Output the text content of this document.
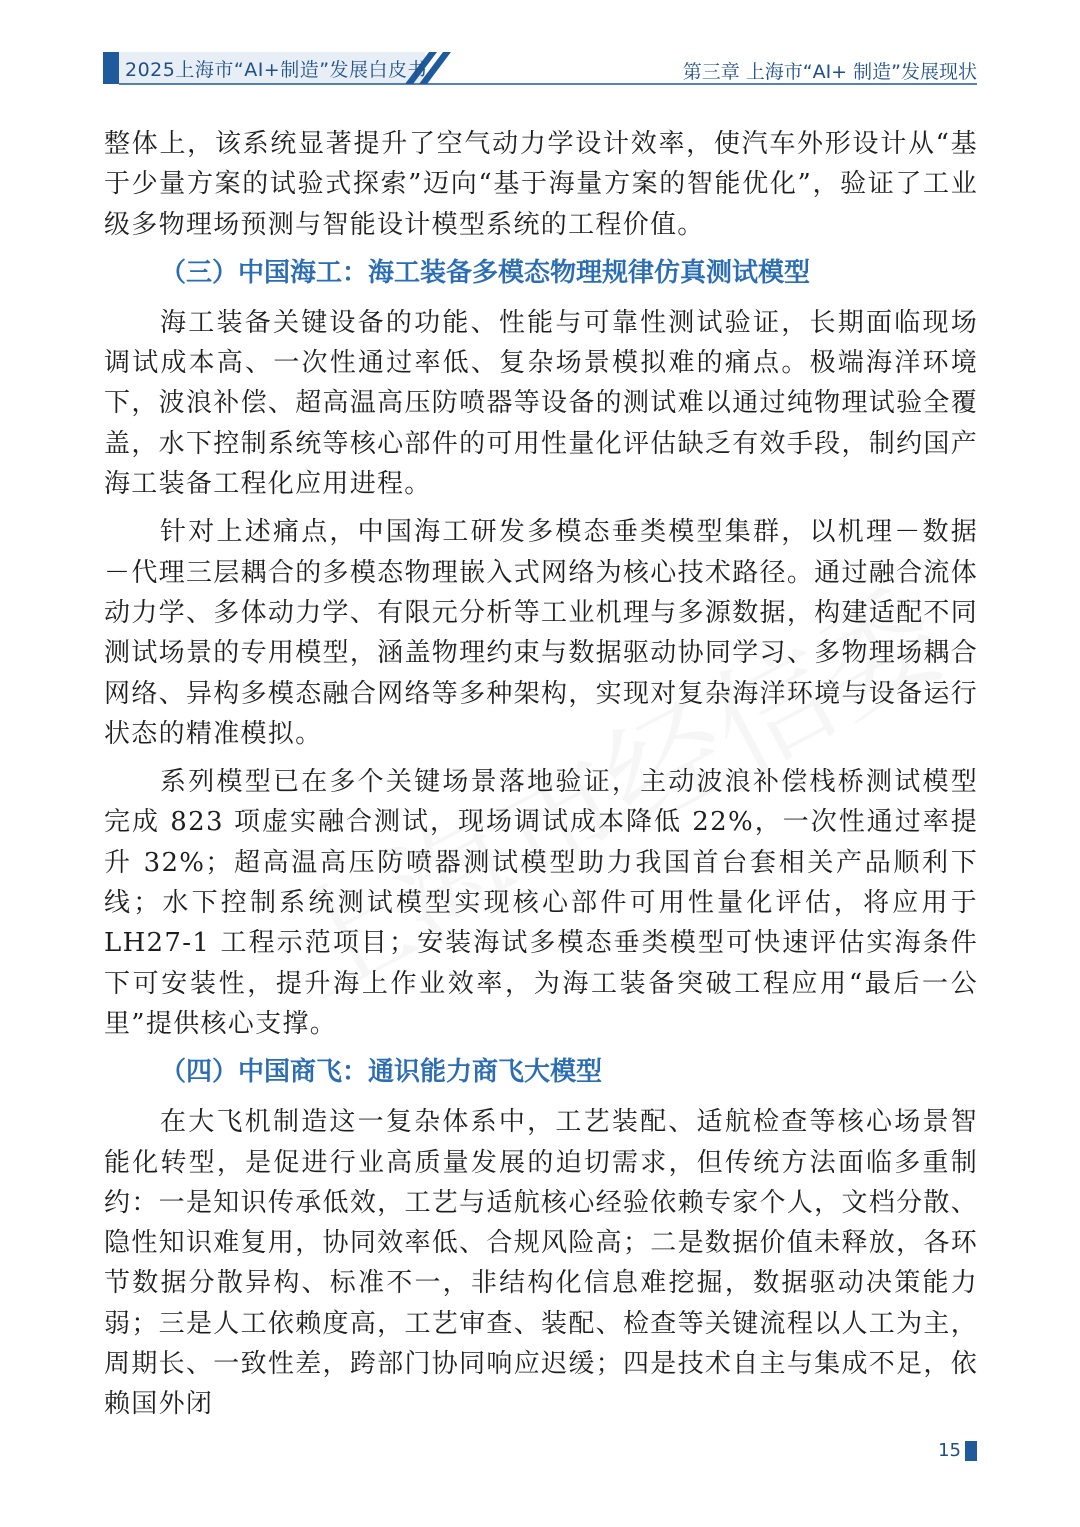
2025上海市“AI+制造”发展白皮书	第三章 上海市“AI+ 制造”发展现状

整体上，该系统显著提升了空气动力学设计效率，使汽车外形设计从“基于少量方案的试验式探索”迈向“基于海量方案的智能优化”，验证了工业级多物理场预测与智能设计模型系统的工程价值。

（三）中国海工：海工装备多模态物理规律仿真测试模型

海工装备关键设备的功能、性能与可靠性测试验证，长期面临现场调试成本高、一次性通过率低、复杂场景模拟难的痛点。极端海洋环境下，波浪补偿、超高温高压防喷器等设备的测试难以通过纯物理试验全覆盖，水下控制系统等核心部件的可用性量化评估缺乏有效手段，制约国产海工装备工程化应用进程。

针对上述痛点，中国海工研发多模态垂类模型集群，以机理－数据－代理三层耦合的多模态物理嵌入式网络为核心技术路径。通过融合流体动力学、多体动力学、有限元分析等工业机理与多源数据，构建适配不同测试场景的专用模型，涵盖物理约束与数据驱动协同学习、多物理场耦合网络、异构多模态融合网络等多种架构，实现对复杂海洋环境与设备运行状态的精准模拟。

系列模型已在多个关键场景落地验证，主动波浪补偿栈桥测试模型完成 823 项虚实融合测试，现场调试成本降低 22%，一次性通过率提升 32%；超高温高压防喷器测试模型助力我国首台套相关产品顺利下线；水下控制系统测试模型实现核心部件可用性量化评估，将应用于 LH27-1 工程示范项目；安装海试多模态垂类模型可快速评估实海条件下可安装性，提升海上作业效率，为海工装备突破工程应用“最后一公里”提供核心支撑。

（四）中国商飞：通识能力商飞大模型

在大飞机制造这一复杂体系中，工艺装配、适航检查等核心场景智能化转型，是促进行业高质量发展的迫切需求，但传统方法面临多重制约：一是知识传承低效，工艺与适航核心经验依赖专家个人，文档分散、隐性知识难复用，协同效率低、合规风险高；二是数据价值未释放，各环节数据分散异构、标准不一，非结构化信息难挖掘，数据驱动决策能力弱；三是人工依赖度高，工艺审查、装配、检查等关键流程以人工为主，周期长、一致性差，跨部门协同响应迟缓；四是技术自主与集成不足，依赖国外闭

15
